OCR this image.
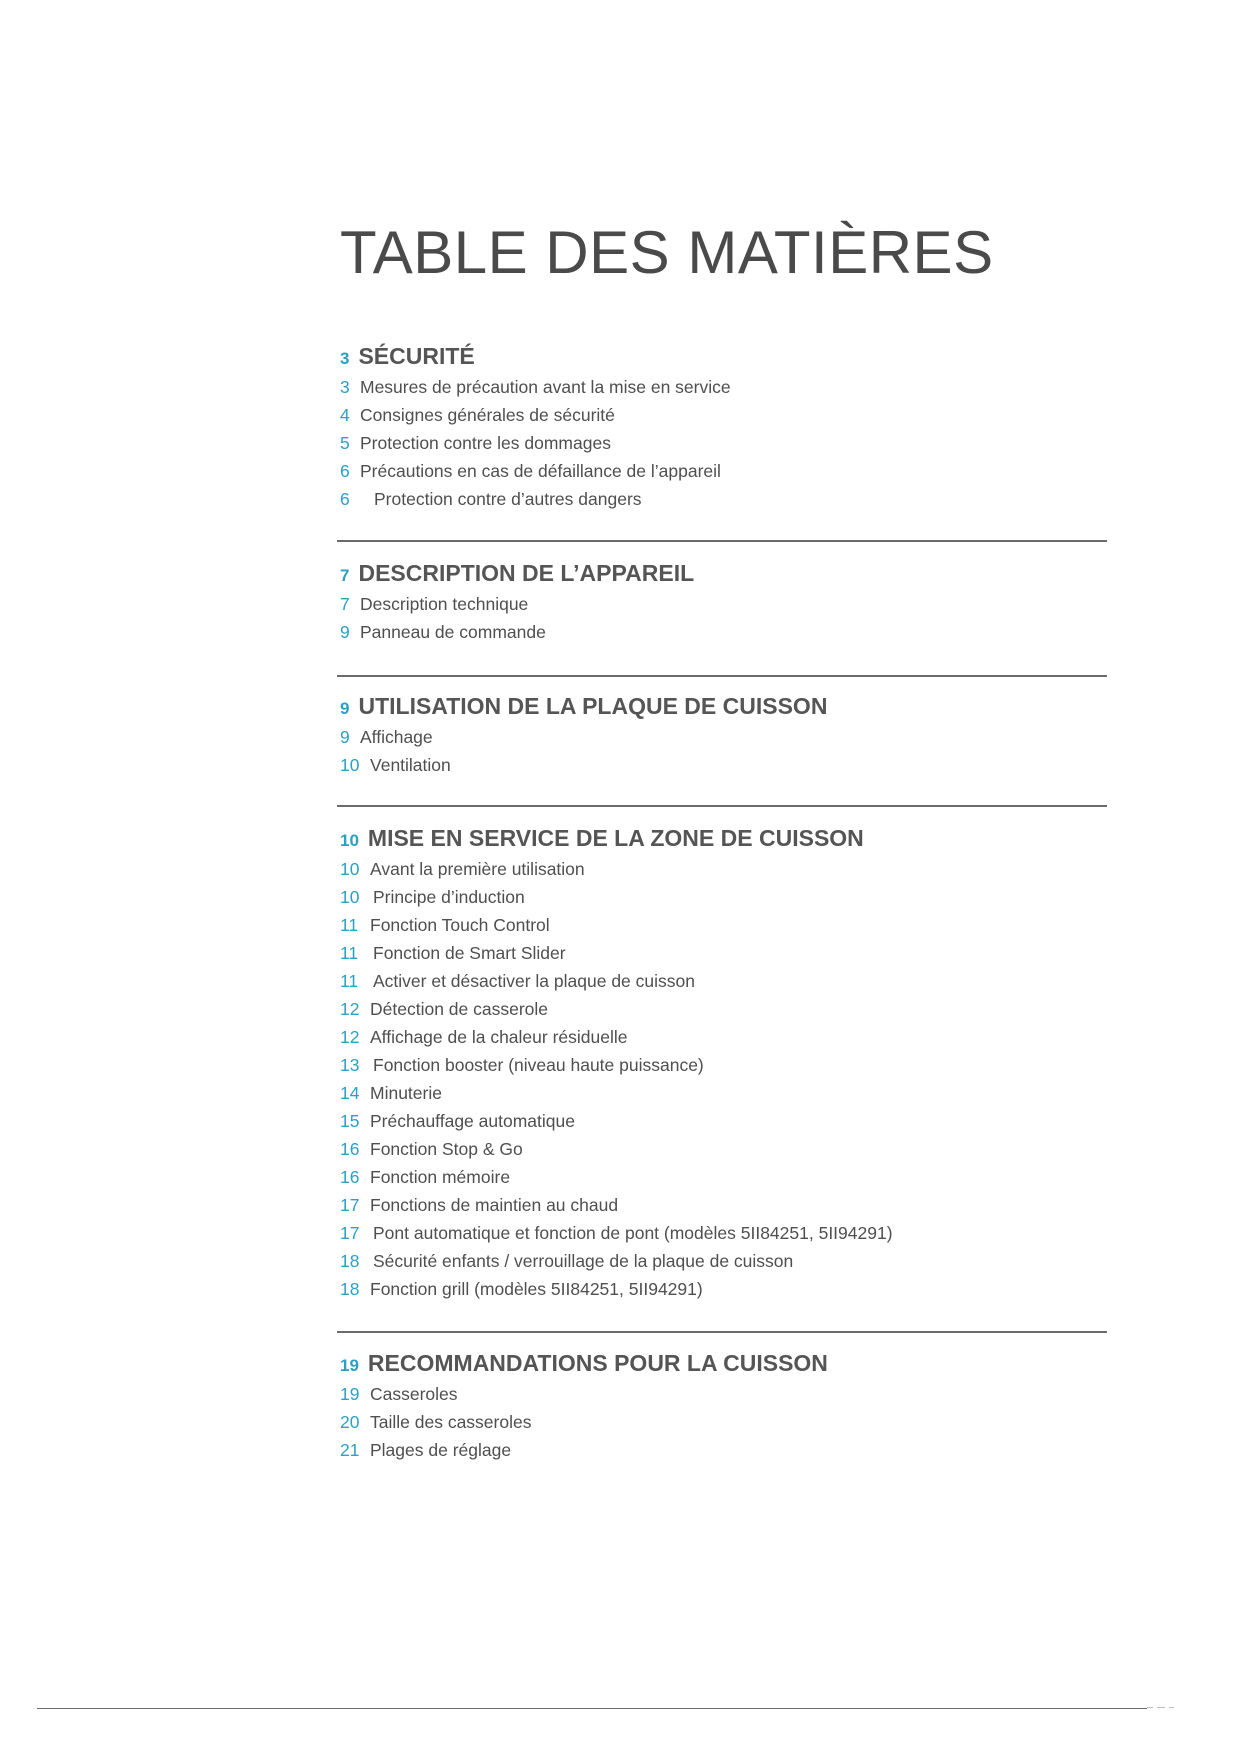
TABLE DES MATIÈRES
3 SÉCURITÉ
3 Mesures de précaution avant la mise en service
4 Consignes générales de sécurité
5 Protection contre les dommages
6 Précautions en cas de défaillance de l’appareil
6	Protection contre d’autres dangers
7 DESCRIPTION DE L’APPAREIL
7 Description technique
9 Panneau de commande
9 UTILISATION DE LA PLAQUE DE CUISSON
9 Affichage
10 Ventilation
10 MISE EN SERVICE DE LA ZONE DE CUISSON
10 Avant la première utilisation
10 Principe d’induction
11 Fonction Touch Control
11 Fonction de Smart Slider
11 Activer et désactiver la plaque de cuisson
12 Détection de casserole
12 Affichage de la chaleur résiduelle
13 Fonction booster (niveau haute puissance)
14 Minuterie
15 Préchauffage automatique
16 Fonction Stop & Go
16 Fonction mémoire
17 Fonctions de maintien au chaud
17 Pont automatique et fonction de pont (modèles 5II84251, 5II94291)
18 Sécurité enfants / verrouillage de la plaque de cuisson
18 Fonction grill (modèles 5II84251, 5II94291)
19 RECOMMANDATIONS POUR LA CUISSON
19 Casseroles
20 Taille des casseroles
21 Plages de réglage
